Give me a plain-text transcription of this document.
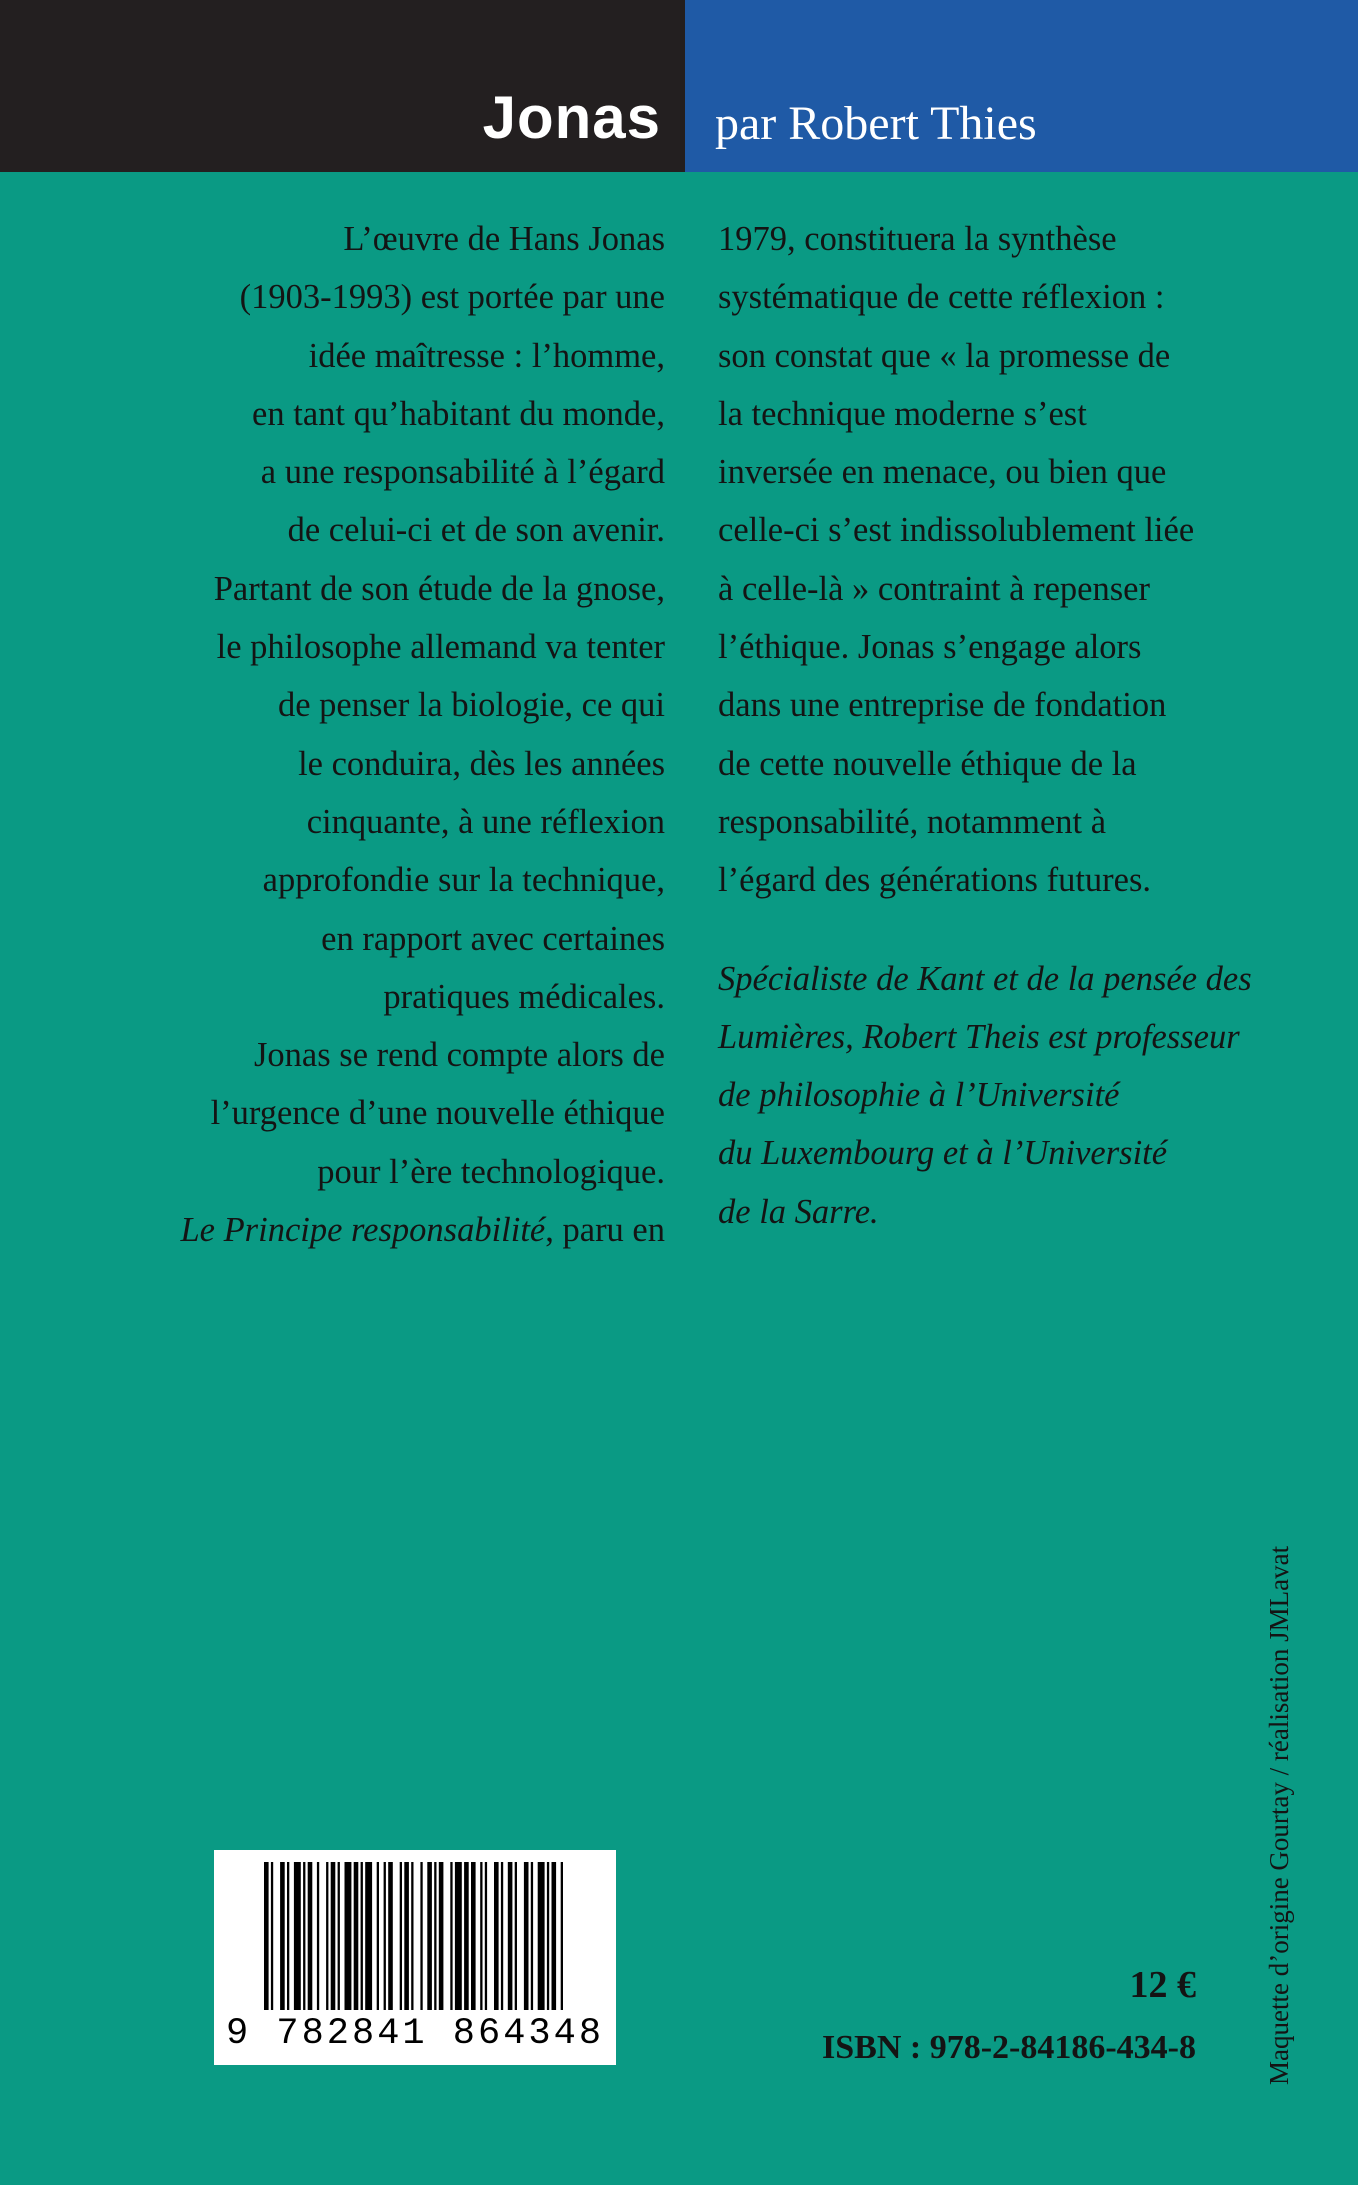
Jonas par Robert Thies
L’œuvre de Hans Jonas
(1903-1993) est portée par une
idée maîtresse : l’homme,
en tant qu’habitant du monde,
a une responsabilité à l’égard
de celui-ci et de son avenir.
Partant de son étude de la gnose,
le philosophe allemand va tenter
de penser la biologie, ce qui
le conduira, dès les années
cinquante, à une réflexion
approfondie sur la technique,
en rapport avec certaines
pratiques médicales.
Jonas se rend compte alors de
l’urgence d’une nouvelle éthique
pour l’ère technologique.
Le Principe responsabilité, paru en
1979, constituera la synthèse
systématique de cette réflexion :
son constat que « la promesse de
la technique moderne s’est
inversée en menace, ou bien que
celle-ci s’est indissolublement liée
à celle-là » contraint à repenser
l’éthique. Jonas s’engage alors
dans une entreprise de fondation
de cette nouvelle éthique de la
responsabilité, notamment à
l’égard des générations futures.
Spécialiste de Kant et de la pensée des
Lumières, Robert Theis est professeur
de philosophie à l’Université
du Luxembourg et à l’Université
de la Sarre.
9 782841 864348
12 €
ISBN : 978-2-84186-434-8	Maquette d’origine Gourtay / réalisation JMLavat
